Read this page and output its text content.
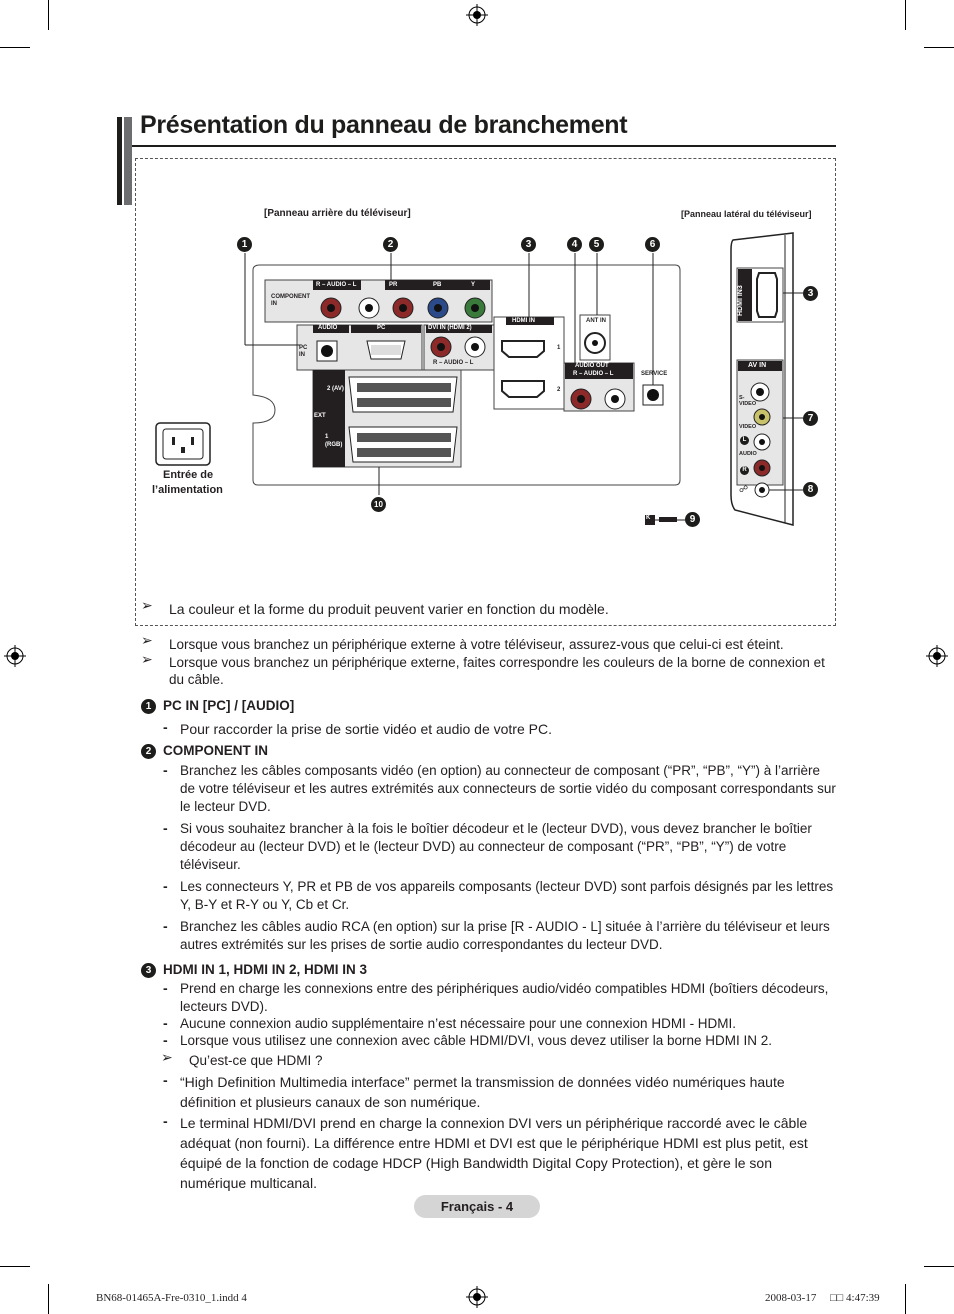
Présentation du panneau de branchement
[Panneau arrière du téléviseur]	[Panneau latéral du téléviseur]
COMPONENT IN
R – AUDIO – L	PR	PB	Y
AUDIO	PC
PC IN
DVI IN (HDMI 2)
R – AUDIO – L
HDMI IN
1
2
ANT IN
AUDIO OUT
R – AUDIO – L	SERVICE
EXT
2 (AV)
1 (RGB)
HDMI IN3
AV IN
S-VIDEO
VIDEO
AUDIO
L
R
☍
K
Entrée de
l’alimentation
1	2	3	4	5	6
3
7
8
9
10
➢ La couleur et la forme du produit peuvent varier en fonction du modèle.
➢ Lorsque vous branchez un périphérique externe à votre téléviseur, assurez-vous que celui-ci est éteint.
➢ Lorsque vous branchez un périphérique externe, faites correspondre les couleurs de la borne de connexion et du câble.
1 PC IN [PC] / [AUDIO]
- Pour raccorder la prise de sortie vidéo et audio de votre PC.
2 COMPONENT IN
- Branchez les câbles composants vidéo (en option) au connecteur de composant (“PR”, “PB”, “Y”) à l’arrière de votre téléviseur et les autres extrémités aux connecteurs de sortie vidéo du composant correspondants sur le lecteur DVD.
- Si vous souhaitez brancher à la fois le boîtier décodeur et le (lecteur DVD), vous devez brancher le boîtier décodeur au (lecteur DVD) et le (lecteur DVD) au connecteur de composant (“PR”, “PB”, “Y”) de votre téléviseur.
- Les connecteurs Y, PR et PB de vos appareils composants (lecteur DVD) sont parfois désignés par les lettres Y, B-Y et R-Y ou Y, Cb et Cr.
- Branchez les câbles audio RCA (en option) sur la prise [R - AUDIO - L] située à l’arrière du téléviseur et leurs autres extrémités sur les prises de sortie audio correspondantes du lecteur DVD.
3 HDMI IN 1, HDMI IN 2, HDMI IN 3
- Prend en charge les connexions entre des périphériques audio/vidéo compatibles HDMI (boîtiers décodeurs, lecteurs DVD).
- Aucune connexion audio supplémentaire n’est nécessaire pour une connexion HDMI - HDMI.
- Lorsque vous utilisez une connexion avec câble HDMI/DVI, vous devez utiliser la borne HDMI IN 2.
➢ Qu’est-ce que HDMI ?
- “High Definition Multimedia interface” permet la transmission de données vidéo numériques haute définition et plusieurs canaux de son numérique.
- Le terminal HDMI/DVI prend en charge la connexion DVI vers un périphérique raccordé avec le câble adéquat (non fourni). La différence entre HDMI et DVI est que le périphérique HDMI est plus petit, est équipé de la fonction de codage HDCP (High Bandwidth Digital Copy Protection), et gère le son numérique multicanal.
Français - 4
BN68-01465A-Fre-0310_1.indd 4	2008-03-17 □□ 4:47:39
